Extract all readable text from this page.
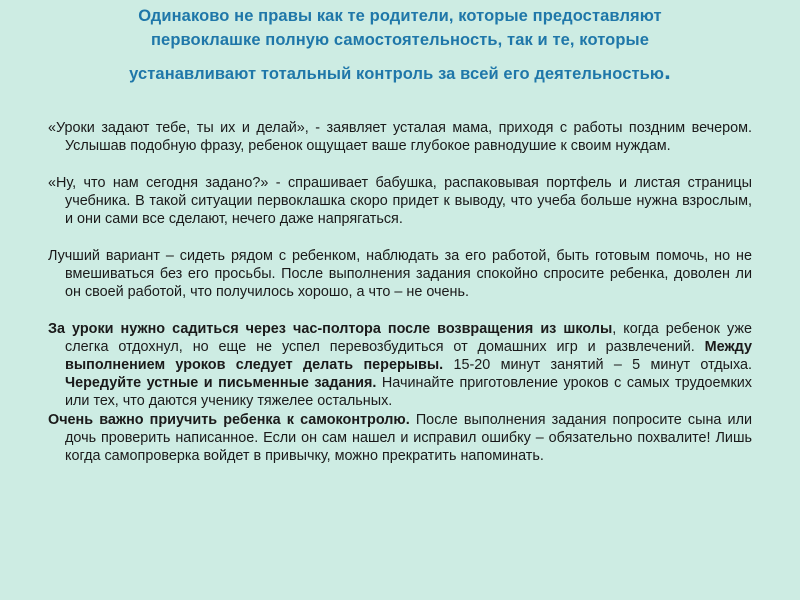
Одинаково не правы как те родители, которые предоставляют
первоклашке полную самостоятельность, так и те, которые
устанавливают тотальный контроль за всей его деятельностью.

«Уроки задают тебе, ты их и делай», - заявляет усталая мама, приходя с работы поздним вечером. Услышав подобную фразу, ребенок ощущает ваше глубокое равнодушие к своим нуждам.

«Ну, что нам сегодня задано?» - спрашивает бабушка, распаковывая портфель и листая страницы учебника. В такой ситуации первоклашка скоро придет к выводу, что учеба больше нужна взрослым, и они сами все сделают, нечего даже напрягаться.

Лучший вариант – сидеть рядом с ребенком, наблюдать за его работой, быть готовым помочь, но не вмешиваться без его просьбы. После выполнения задания спокойно спросите ребенка, доволен ли он своей работой, что получилось хорошо, а что – не очень.

За уроки нужно садиться через час-полтора после возвращения из школы, когда ребенок уже слегка отдохнул, но еще не успел перевозбудиться от домашних игр и развлечений. Между выполнением уроков следует делать перерывы. 15-20 минут занятий – 5 минут отдыха. Чередуйте устные и письменные задания. Начинайте приготовление уроков с самых трудоемких или тех, что даются ученику тяжелее остальных.

Очень важно приучить ребенка к самоконтролю. После выполнения задания попросите сына или дочь проверить написанное. Если он сам нашел и исправил ошибку – обязательно похвалите! Лишь когда самопроверка войдет в привычку, можно прекратить напоминать.
